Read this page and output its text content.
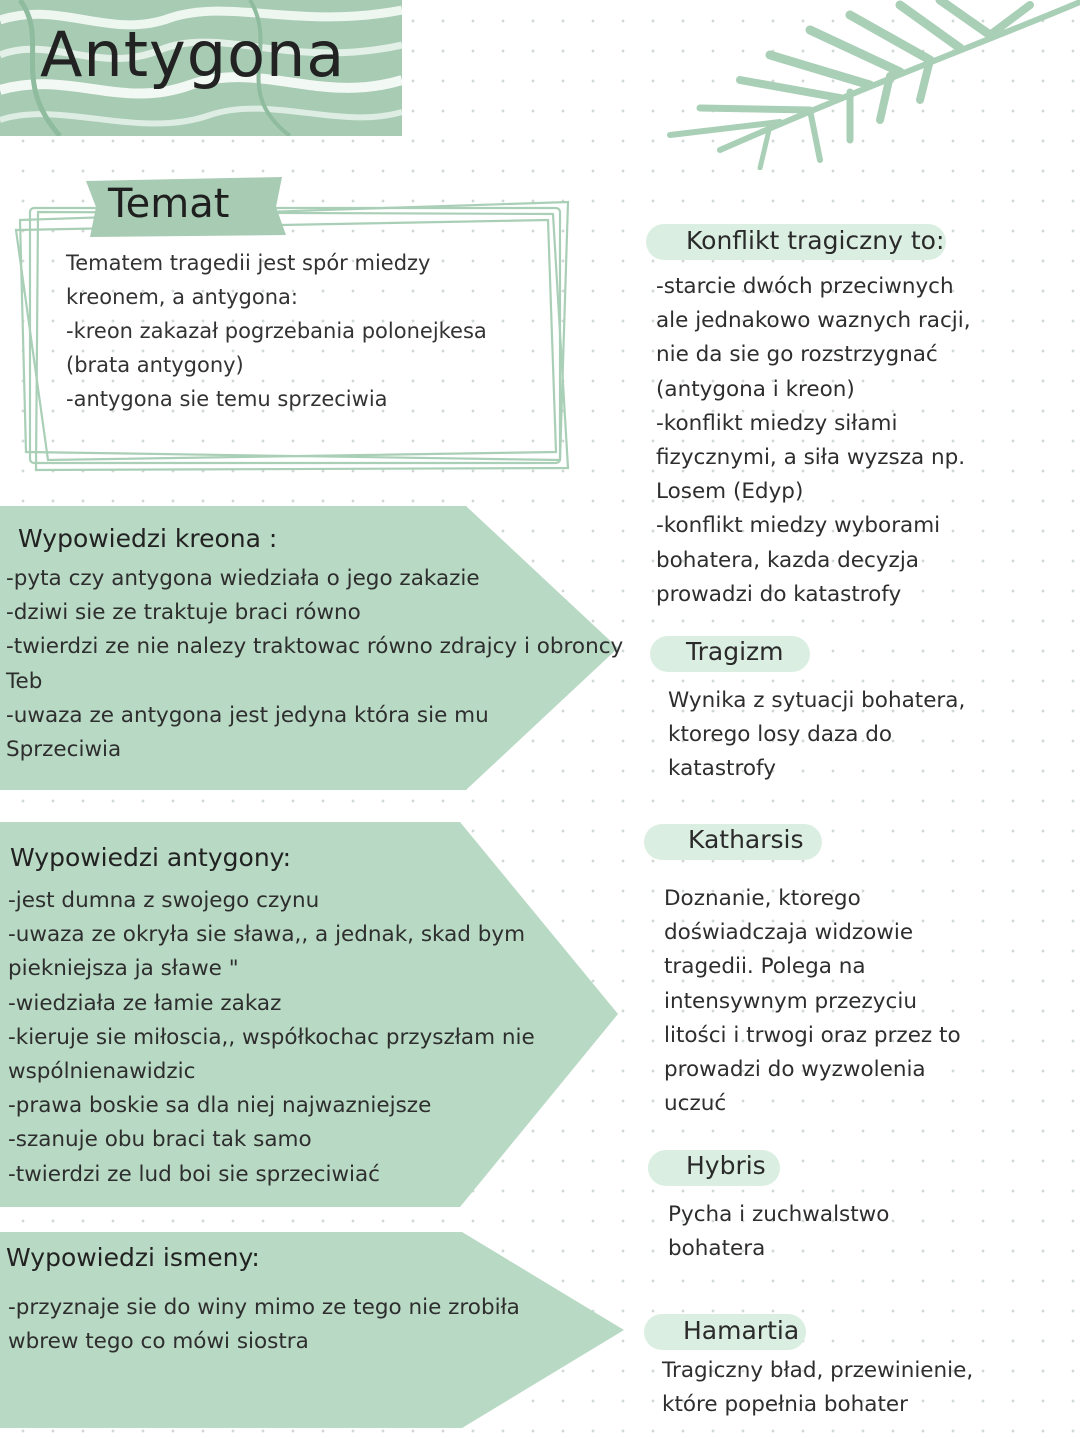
Antygona
Temat
Tematem tragedii jest spór miedzy
kreonem, a antygona:
-kreon zakazał pogrzebania polonejkesa
(brata antygony)
-antygona sie temu sprzeciwia
Wypowiedzi kreona :
-pyta czy antygona wiedziała o jego zakazie
-dziwi sie ze traktuje braci równo
-twierdzi ze nie nalezy traktowac równo zdrajcy i obroncy
Teb
-uwaza ze antygona jest jedyna która sie mu
Sprzeciwia
Wypowiedzi antygony:
-jest dumna z swojego czynu
-uwaza ze okryła sie sława,, a jednak, skad bym
piekniejsza ja sławe "
-wiedziała ze łamie zakaz
-kieruje sie miłoscia,, współkochac przyszłam nie
wspólnienawidzic
-prawa boskie sa dla niej najwazniejsze
-szanuje obu braci tak samo
-twierdzi ze lud boi sie sprzeciwiać
Wypowiedzi ismeny:
-przyznaje sie do winy mimo ze tego nie zrobiła
wbrew tego co mówi siostra
Konflikt tragiczny to:
-starcie dwóch przeciwnych
ale jednakowo waznych racji,
nie da sie go rozstrzygnać
(antygona i kreon)
-konflikt miedzy siłami
fizycznymi, a siła wyzsza np.
Losem (Edyp)
-konflikt miedzy wyborami
bohatera, kazda decyzja
prowadzi do katastrofy
Tragizm
Wynika z sytuacji bohatera,
ktorego losy daza do
katastrofy
Katharsis
Doznanie, ktorego
doświadczaja widzowie
tragedii. Polega na
intensywnym przezyciu
litości i trwogi oraz przez to
prowadzi do wyzwolenia
uczuć
Hybris
Pycha i zuchwalstwo
bohatera
Hamartia
Tragiczny bład, przewinienie,
które popełnia bohater
